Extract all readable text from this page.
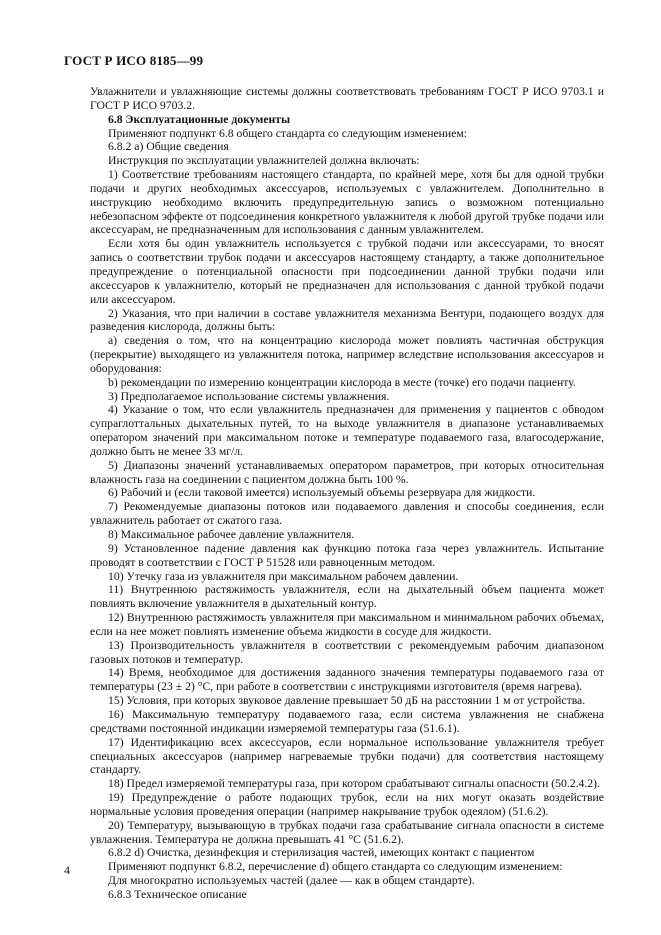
ГОСТ Р ИСО 8185—99

Увлажнители и увлажняющие системы должны соответствовать требованиям ГОСТ Р ИСО 9703.1 и ГОСТ Р ИСО 9703.2.

6.8 Эксплуатационные документы

Применяют подпункт 6.8 общего стандарта со следующим изменением:

6.8.2 а) Общие сведения

Инструкция по эксплуатации увлажнителей должна включать:

1) Соответствие требованиям настоящего стандарта, по крайней мере, хотя бы для одной трубки подачи и других необходимых аксессуаров, используемых с увлажнителем. Дополнительно в инструкцию необходимо включить предупредительную запись о возможном потенциально небезопасном эффекте от подсоединения конкретного увлажнителя к любой другой трубке подачи или аксессуарам, не предназначенным для использования с данным увлажнителем.

Если хотя бы один увлажнитель используется с трубкой подачи или аксессуарами, то вносят запись о соответствии трубок подачи и аксессуаров настоящему стандарту, а также дополнительное предупреждение о потенциальной опасности при подсоединении данной трубки подачи или аксессуаров к увлажнителю, который не предназначен для использования с данной трубкой подачи или аксессуаром.

2) Указания, что при наличии в составе увлажнителя механизма Вентури, подающего воздух для разведения кислорода, должны быть:

а) сведения о том, что на концентрацию кислорода может повлиять частичная обструкция (перекрытие) выходящего из увлажнителя потока, например вследствие использования аксессуаров и оборудования:

b) рекомендации по измерению концентрации кислорода в месте (точке) его подачи пациенту.

3) Предполагаемое использование системы увлажнения.

4) Указание о том, что если увлажнитель предназначен для применения у пациентов с обводом супраглоттальных дыхательных путей, то на выходе увлажнителя в диапазоне устанавливаемых оператором значений при максимальном потоке и температуре подаваемого газа, влагосодержание, должно быть не менее 33 мг/л.

5) Диапазоны значений устанавливаемых оператором параметров, при которых относительная влажность газа на соединении с пациентом должна быть 100 %.

6) Рабочий и (если таковой имеется) используемый объемы резервуара для жидкости.

7) Рекомендуемые диапазоны потоков или подаваемого давления и способы соединения, если увлажнитель работает от сжатого газа.

8) Максимальное рабочее давление увлажнителя.

9) Установленное падение давления как функцию потока газа через увлажнитель. Испытание проводят в соответствии с ГОСТ Р 51528 или равноценным методом.

10) Утечку газа из увлажнителя при максимальном рабочем давлении.

11) Внутреннюю растяжимость увлажнителя, если на дыхательный объем пациента может повлиять включение увлажнителя в дыхательный контур.

12) Внутреннюю растяжимость увлажнителя при максимальном и минимальном рабочих объемах, если на нее может повлиять изменение объема жидкости в сосуде для жидкости.

13) Производительность увлажнителя в соответствии с рекомендуемым рабочим диапазоном газовых потоков и температур.

14) Время, необходимое для достижения заданного значения температуры подаваемого газа от температуры (23 ± 2) °С, при работе в соответствии с инструкциями изготовителя (время нагрева).

15) Условия, при которых звуковое давление превышает 50 дБ на расстоянии 1 м от устройства.

16) Максимальную температуру подаваемого газа, если система увлажнения не снабжена средствами постоянной индикации измеряемой температуры газа (51.6.1).

17) Идентификацию всех аксессуаров, если нормальное использование увлажнителя требует специальных аксессуаров (например нагреваемые трубки подачи) для соответствия настоящему стандарту.

18) Предел измеряемой температуры газа, при котором срабатывают сигналы опасности (50.2.4.2).

19) Предупреждение о работе подающих трубок, если на них могут оказать воздействие нормальные условия проведения операции (например накрывание трубок одеялом) (51.6.2).

20) Температуру, вызывающую в трубках подачи газа срабатывание сигнала опасности в системе увлажнения. Температура не должна превышать 41 °С (51.6.2).

6.8.2 d) Очистка, дезинфекция и стерилизация частей, имеющих контакт с пациентом

Применяют подпункт 6.8.2, перечисление d) общего стандарта со следующим изменением:

Для многократно используемых частей (далее — как в общем стандарте).

6.8.3 Техническое описание

4
